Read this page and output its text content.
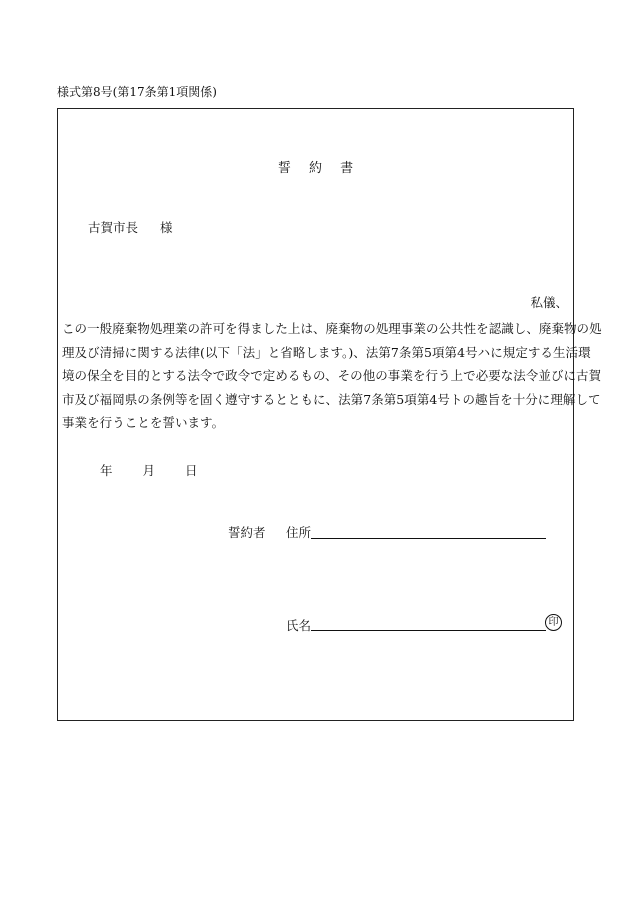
様式第8号(第17条第1項関係)
誓 約 書
古賀市長 様
私儀、
この一般廃棄物処理業の許可を得ました上は、廃棄物の処理事業の公共性を認識し、廃棄物の処
理及び清掃に関する法律(以下「法」と省略します。)、法第7条第5項第4号ハに規定する生活環
境の保全を目的とする法令で政令で定めるもの、その他の事業を行う上で必要な法令並びに古賀
市及び福岡県の条例等を固く遵守するとともに、法第7条第5項第4号トの趣旨を十分に理解して
事業を行うことを誓います。
年 月 日
誓約者 住所
氏名	印
